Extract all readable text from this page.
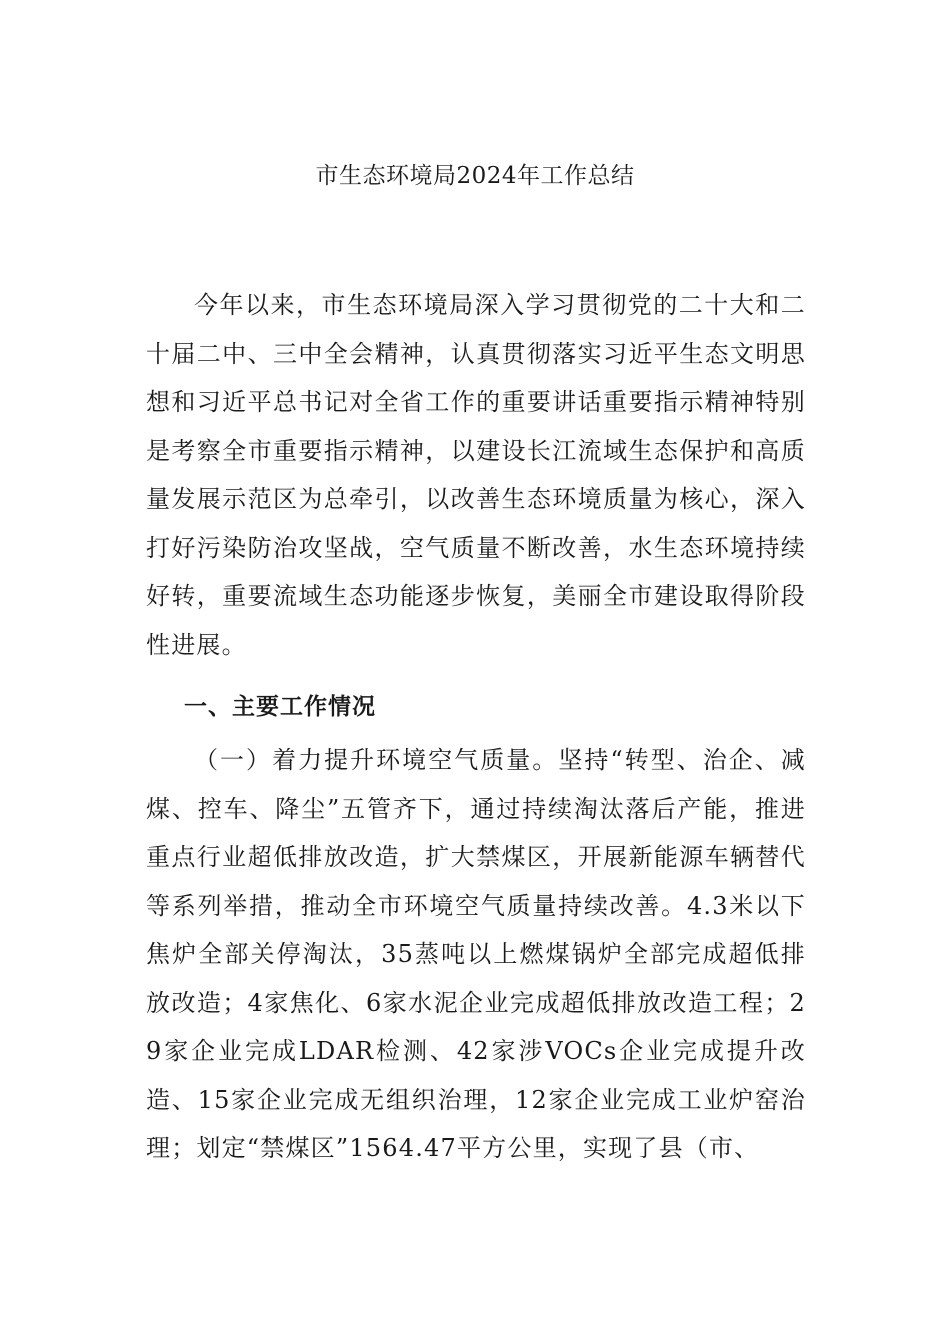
市生态环境局2024年工作总结

今年以来，市生态环境局深入学习贯彻党的二十大和二十届二中、三中全会精神，认真贯彻落实习近平生态文明思想和习近平总书记对全省工作的重要讲话重要指示精神特别是考察全市重要指示精神，以建设长江流域生态保护和高质量发展示范区为总牵引，以改善生态环境质量为核心，深入打好污染防治攻坚战，空气质量不断改善，水生态环境持续好转，重要流域生态功能逐步恢复，美丽全市建设取得阶段性进展。

一、主要工作情况

（一）着力提升环境空气质量。坚持“转型、治企、减煤、控车、降尘”五管齐下，通过持续淘汰落后产能，推进重点行业超低排放改造，扩大禁煤区，开展新能源车辆替代等系列举措，推动全市环境空气质量持续改善。4.3米以下焦炉全部关停淘汰，35蒸吨以上燃煤锅炉全部完成超低排放改造；4家焦化、6家水泥企业完成超低排放改造工程；29家企业完成LDAR检测、42家涉VOCs企业完成提升改造、15家企业完成无组织治理，12家企业完成工业炉窑治理；划定“禁煤区”1564.47平方公里，实现了县（市、
